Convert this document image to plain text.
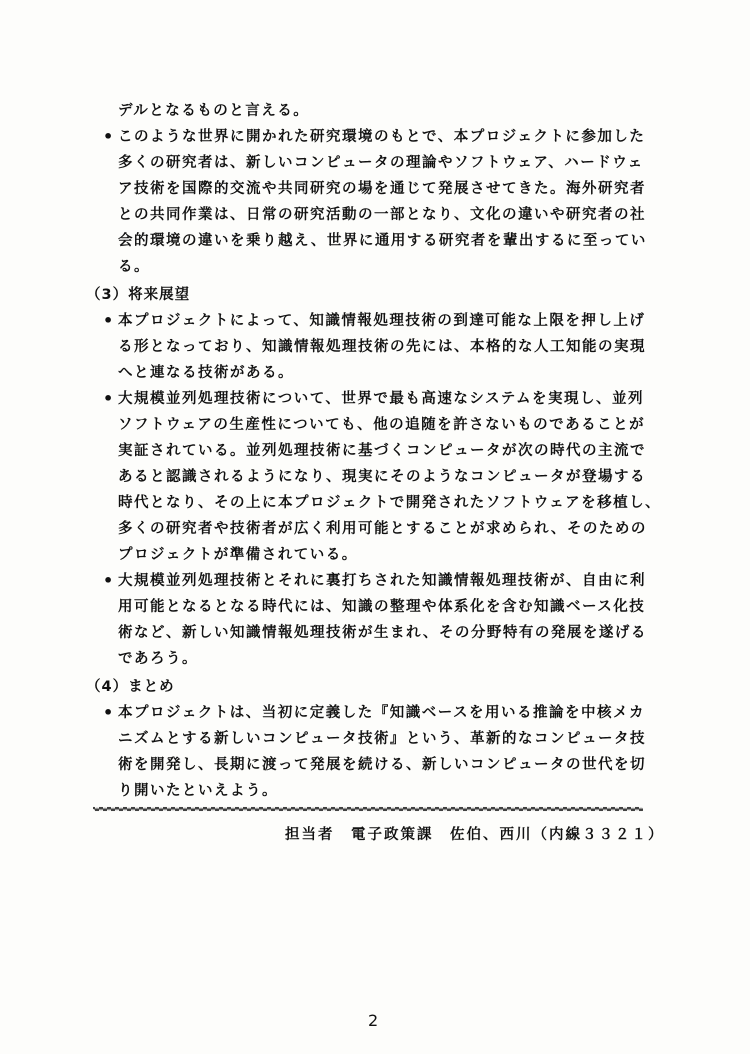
デルとなるものと言える。
• このような世界に開かれた研究環境のもとで、本プロジェクトに参加した
多くの研究者は、新しいコンピュータの理論やソフトウェア、ハードウェ
ア技術を国際的交流や共同研究の場を通じて発展させてきた。海外研究者
との共同作業は、日常の研究活動の一部となり、文化の違いや研究者の社
会的環境の違いを乗り越え、世界に通用する研究者を輩出するに至ってい
る。
（3）将来展望
• 本プロジェクトによって、知識情報処理技術の到達可能な上限を押し上げ
る形となっており、知識情報処理技術の先には、本格的な人工知能の実現
へと連なる技術がある。
• 大規模並列処理技術について、世界で最も高速なシステムを実現し、並列
ソフトウェアの生産性についても、他の追随を許さないものであることが
実証されている。並列処理技術に基づくコンピュータが次の時代の主流で
あると認識されるようになり、現実にそのようなコンピュータが登場する
時代となり、その上に本プロジェクトで開発されたソフトウェアを移植し、
多くの研究者や技術者が広く利用可能とすることが求められ、そのための
プロジェクトが準備されている。
• 大規模並列処理技術とそれに裏打ちされた知識情報処理技術が、自由に利
用可能となるとなる時代には、知識の整理や体系化を含む知識ベース化技
術など、新しい知識情報処理技術が生まれ、その分野特有の発展を遂げる
であろう。
（4）まとめ
• 本プロジェクトは、当初に定義した『知識ベースを用いる推論を中核メカ
ニズムとする新しいコンピュータ技術』という、革新的なコンピュータ技
術を開発し、長期に渡って発展を続ける、新しいコンピュータの世代を切
り開いたといえよう。
担当者　電子政策課　佐伯、西川（内線３３２１）
2
